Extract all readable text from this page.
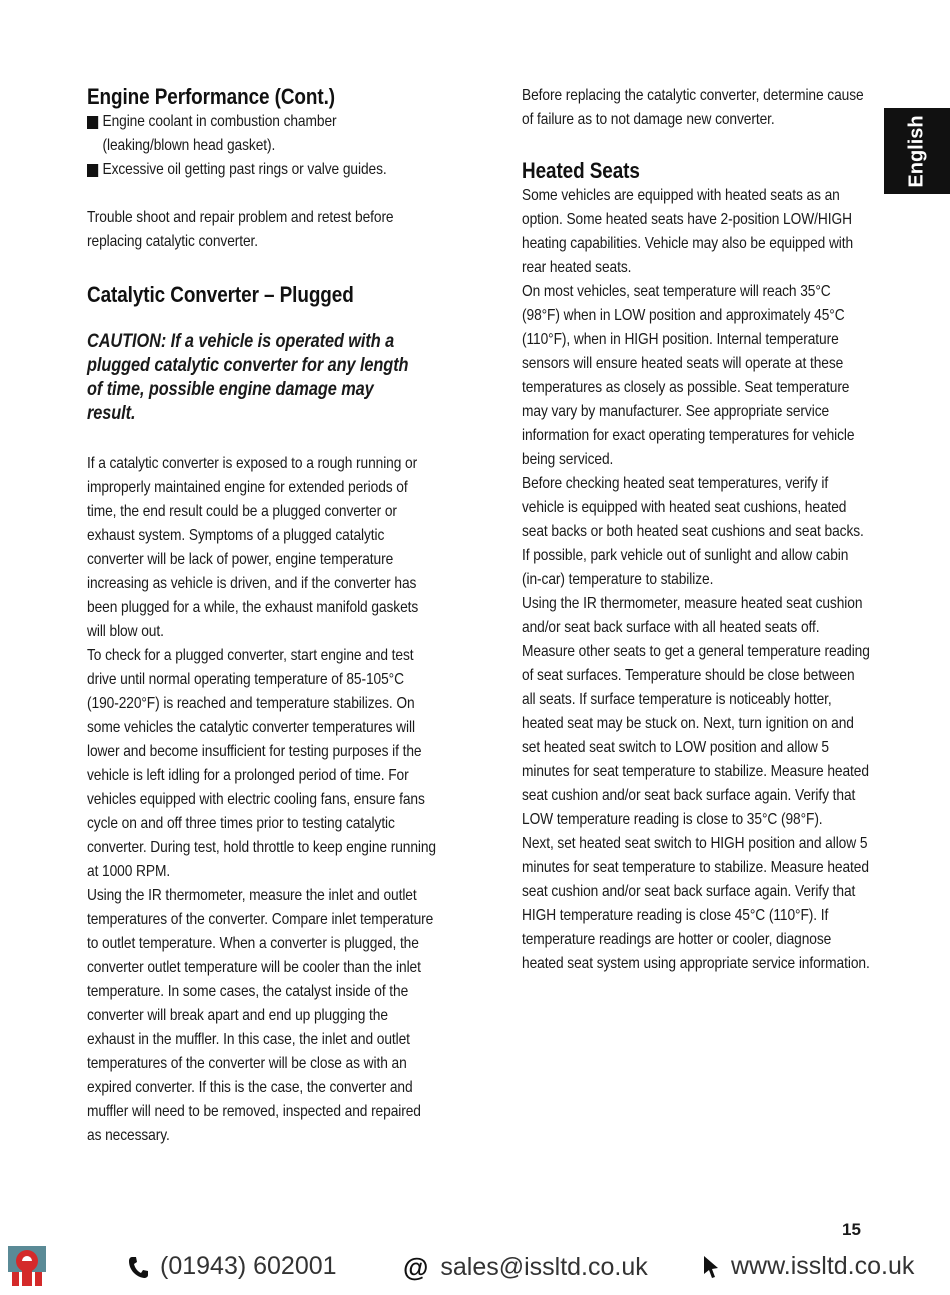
Engine Performance (Cont.)
Engine coolant in combustion chamber (leaking/blown head gasket).
Excessive oil getting past rings or valve guides.

Trouble shoot and repair problem and retest before replacing catalytic converter.

Catalytic Converter – Plugged

CAUTION: If a vehicle is operated with a plugged catalytic converter for any length of time, possible engine damage may result.

If a catalytic converter is exposed to a rough running or improperly maintained engine for extended periods of time, the end result could be a plugged converter or exhaust system. Symptoms of a plugged catalytic converter will be lack of power, engine temperature increasing as vehicle is driven, and if the converter has been plugged for a while, the exhaust manifold gaskets will blow out.

To check for a plugged converter, start engine and test drive until normal operating temperature of 85-105°C (190-220°F) is reached and temperature stabilizes. On some vehicles the catalytic converter temperatures will lower and become insufficient for testing purposes if the vehicle is left idling for a prolonged period of time. For vehicles equipped with electric cooling fans, ensure fans cycle on and off three times prior to testing catalytic converter. During test, hold throttle to keep engine running at 1000 RPM.

Using the IR thermometer, measure the inlet and outlet temperatures of the converter. Compare inlet temperature to outlet temperature. When a converter is plugged, the converter outlet temperature will be cooler than the inlet temperature. In some cases, the catalyst inside of the converter will break apart and end up plugging the exhaust in the muffler. In this case, the inlet and outlet temperatures of the converter will be close as with an expired converter. If this is the case, the converter and muffler will need to be removed, inspected and repaired as necessary.

Before replacing the catalytic converter, determine cause of failure as to not damage new converter.

Heated Seats

Some vehicles are equipped with heated seats as an option. Some heated seats have 2-position LOW/HIGH heating capabilities. Vehicle may also be equipped with rear heated seats.

On most vehicles, seat temperature will reach 35°C (98°F) when in LOW position and approximately 45°C (110°F), when in HIGH position. Internal temperature sensors will ensure heated seats will operate at these temperatures as closely as possible. Seat temperature may vary by manufacturer. See appropriate service information for exact operating temperatures for vehicle being serviced.

Before checking heated seat temperatures, verify if vehicle is equipped with heated seat cushions, heated seat backs or both heated seat cushions and seat backs. If possible, park vehicle out of sunlight and allow cabin (in-car) temperature to stabilize.

Using the IR thermometer, measure heated seat cushion and/or seat back surface with all heated seats off. Measure other seats to get a general temperature reading of seat surfaces. Temperature should be close between all seats. If surface temperature is noticeably hotter, heated seat may be stuck on. Next, turn ignition on and set heated seat switch to LOW position and allow 5 minutes for seat temperature to stabilize. Measure heated seat cushion and/or seat back surface again. Verify that LOW temperature reading is close to 35°C (98°F).

Next, set heated seat switch to HIGH position and allow 5 minutes for seat temperature to stabilize. Measure heated seat cushion and/or seat back surface again. Verify that HIGH temperature reading is close 45°C (110°F). If temperature readings are hotter or cooler, diagnose heated seat system using appropriate service information.

English
15
(01943) 602001	@ sales@issltd.co.uk	www.issltd.co.uk
